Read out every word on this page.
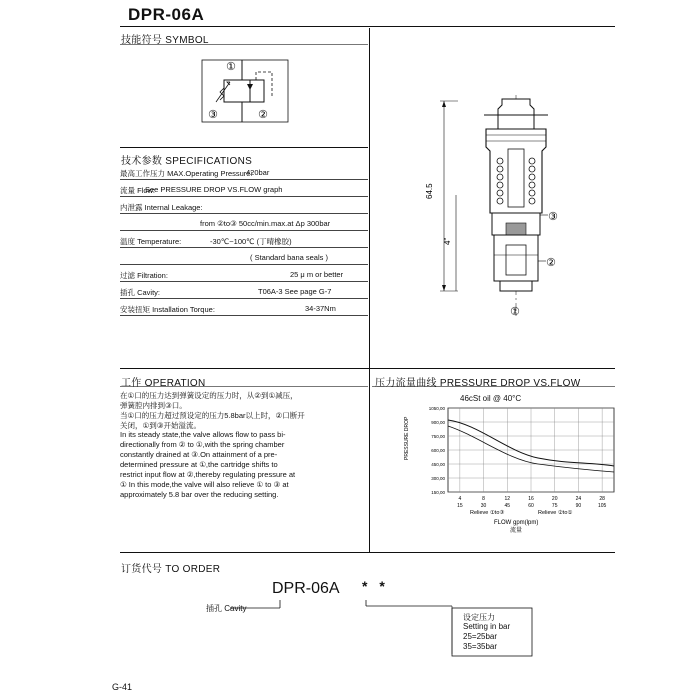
DPR-06A
技能符号 SYMBOL
①
③	②
技术参数 SPECIFICATIONS
最高工作压力 MAX.Operating Pressure:
420bar
流量 Flow:
See PRESSURE DROP VS.FLOW graph
内泄露 Internal Leakage:
from ②to③ 50cc/min.max.at Δp 300bar
温度 Temperature:	-30℃~100℃ (丁晴橡胶)
( Standard bana seals )
过滤 Filtration:	25 μ m or better
插孔 Cavity:	T06A-3 See page G-7
安装扭矩 Installation Torque:	34-37Nm
64.5
4"
③
②
①
工作 OPERATION
在①口的压力达到弹簧设定的压力时，从②到①减压，
弹簧腔内排到③口。
当①口的压力超过预设定的压力5.8bar以上时，②口断开
关闭，①到③开始溢流。
In its steady state,the valve allows flow to pass bi-
directionally from ② to ①,with the spring chamber
constantly drained at ③.On attainment of a pre-
determined pressure at ①,the cartridge shifts to
restrict input flow at ②,thereby regulating pressure at
① In this mode,the valve will also relieve ① to ③ at
approximately 5.8 bar over the reducing setting.
压力流量曲线 PRESSURE DROP VS.FLOW
46cSt oil @ 40°C
1050,00
900,00
750,00
600,00
450,00
300,00
150,00
4
15
8
30
12
45
16
60
20
75
24
90
28
105
PRESSURE DROP
Relieve ①to③	Relieve ②to①
FLOW gpm(lpm)
流量
订货代号 TO ORDER
DPR-06A * *
插孔 Cavity
设定压力
Setting in bar
25=25bar
35=35bar
G-41
